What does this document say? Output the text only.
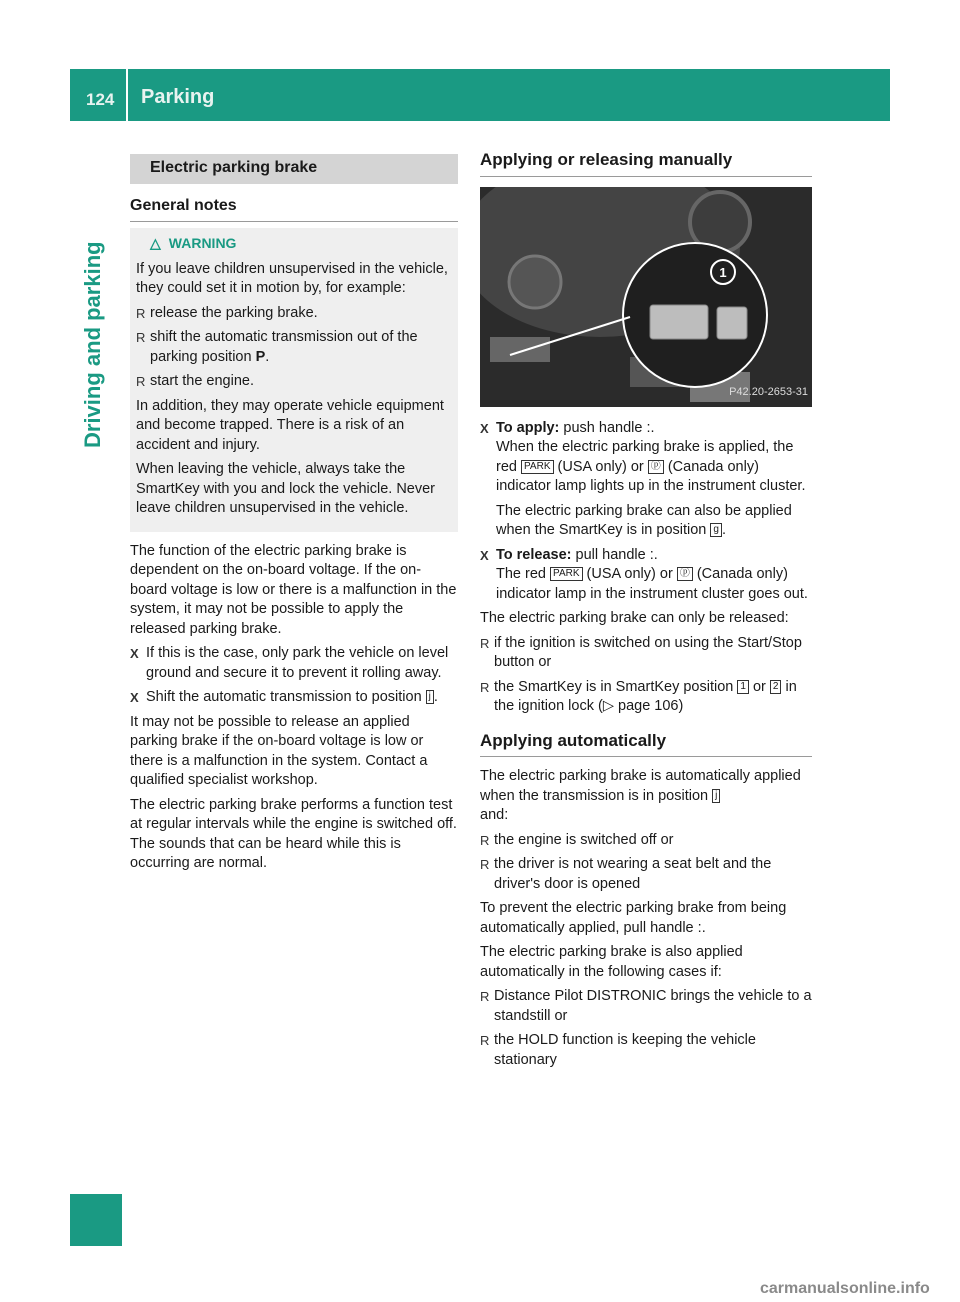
124 Parking
Driving and parking
Electric parking brake
General notes
△ WARNING

If you leave children unsupervised in the vehicle, they could set it in motion by, for example:

R release the parking brake.
R shift the automatic transmission out of the parking position P.
R start the engine.

In addition, they may operate vehicle equipment and become trapped. There is a risk of an accident and injury.

When leaving the vehicle, always take the SmartKey with you and lock the vehicle. Never leave children unsupervised in the vehicle.

The function of the electric parking brake is dependent on the on-board voltage. If the on-board voltage is low or there is a malfunction in the system, it may not be possible to apply the released parking brake.

X If this is the case, only park the vehicle on level ground and secure it to prevent it rolling away.
X Shift the automatic transmission to position j .

It may not be possible to release an applied parking brake if the on-board voltage is low or there is a malfunction in the system. Contact a qualified specialist workshop.

The electric parking brake performs a function test at regular intervals while the engine is switched off. The sounds that can be heard while this is occurring are normal.

Applying or releasing manually
1
P42.20-2653-31
X To apply: push handle :.
When the electric parking brake is applied, the red PARK (USA only) or ⓟ (Canada only) indicator lamp lights up in the instrument cluster.
The electric parking brake can also be applied when the SmartKey is in position g .
X To release: pull handle :.
The red PARK (USA only) or ⓟ (Canada only) indicator lamp in the instrument cluster goes out.

The electric parking brake can only be released:

R if the ignition is switched on using the Start/Stop button or
R the SmartKey is in SmartKey position 1 or 2 in the ignition lock (▷ page 106)
Applying automatically

The electric parking brake is automatically applied when the transmission is in position j
and:

R the engine is switched off or
R the driver is not wearing a seat belt and the driver's door is opened

To prevent the electric parking brake from being automatically applied, pull handle :.

The electric parking brake is also applied automatically in the following cases if:

R Distance Pilot DISTRONIC brings the vehicle to a standstill or
R the HOLD function is keeping the vehicle stationary
carmanualsonline.info
